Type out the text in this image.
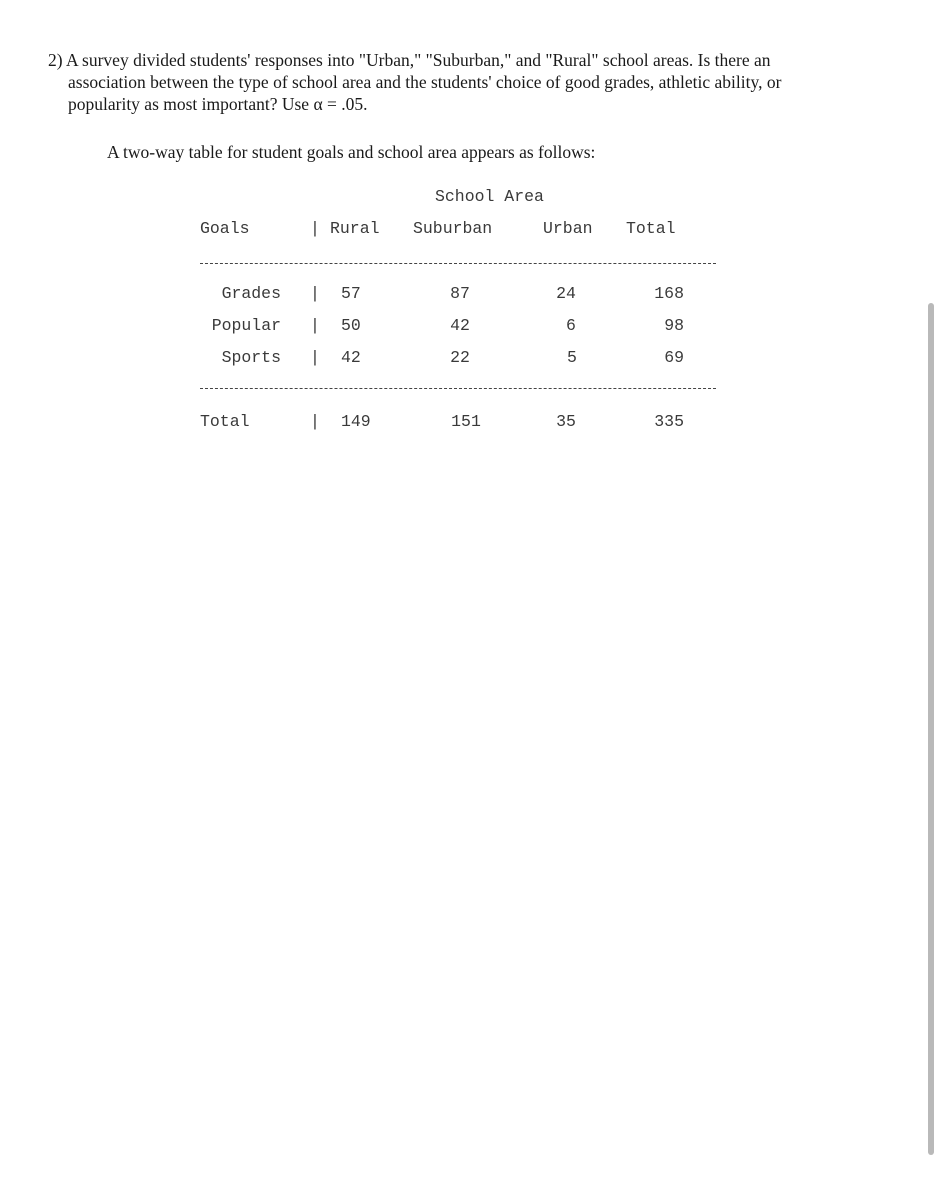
2) A survey divided students' responses into "Urban," "Suburban," and "Rural" school areas. Is there an
association between the type of school area and the students' choice of good grades, athletic ability, or
popularity as most important? Use α = .05.
A two-way table for student goals and school area appears as follows:
School Area
Goals	| Rural Suburban	Urban Total
Grades | 57	87	24	168
Popular | 50	42	6	98
Sports | 42	22	5	69
Total	| 149	151	35	335
